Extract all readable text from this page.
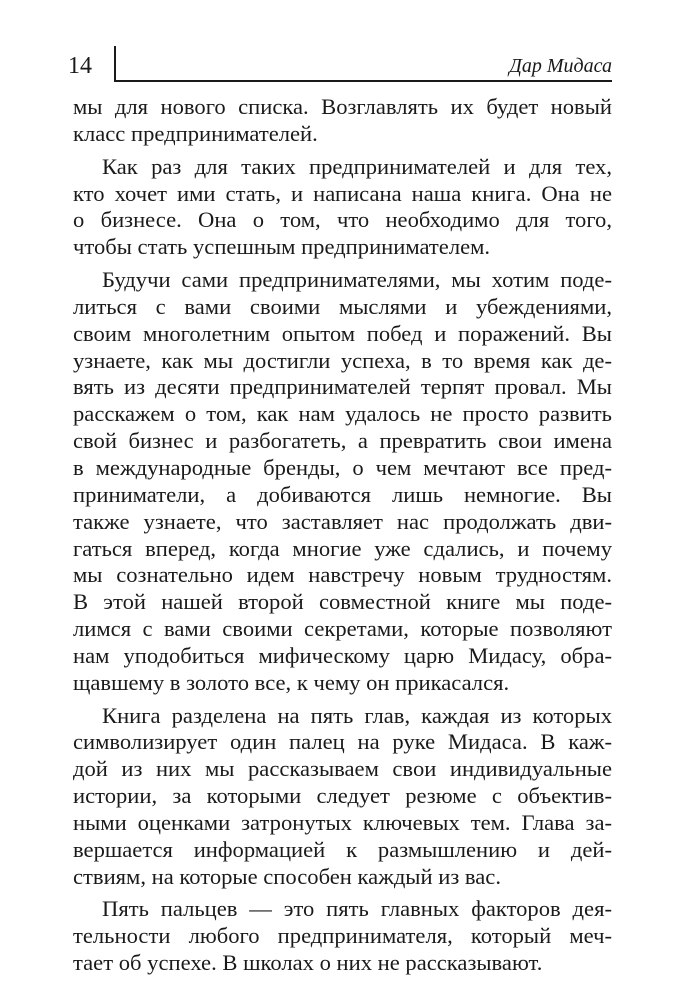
14	Дар Мидаса
мы для нового списка. Возглавлять их будет новый
класс предпринимателей.
Как раз для таких предпринимателей и для тех,
кто хочет ими стать, и написана наша книга. Она не
о бизнесе. Она о том, что необходимо для того,
чтобы стать успешным предпринимателем.
Будучи сами предпринимателями, мы хотим поде-
литься с вами своими мыслями и убеждениями,
своим многолетним опытом побед и поражений. Вы
узнаете, как мы достигли успеха, в то время как де-
вять из десяти предпринимателей терпят провал. Мы
расскажем о том, как нам удалось не просто развить
свой бизнес и разбогатеть, а превратить свои имена
в международные бренды, о чем мечтают все пред-
приниматели, а добиваются лишь немногие. Вы
также узнаете, что заставляет нас продолжать дви-
гаться вперед, когда многие уже сдались, и почему
мы сознательно идем навстречу новым трудностям.
В этой нашей второй совместной книге мы поде-
лимся с вами своими секретами, которые позволяют
нам уподобиться мифическому царю Мидасу, обра-
щавшему в золото все, к чему он прикасался.
Книга разделена на пять глав, каждая из которых
символизирует один палец на руке Мидаса. В каж-
дой из них мы рассказываем свои индивидуальные
истории, за которыми следует резюме с объектив-
ными оценками затронутых ключевых тем. Глава за-
вершается информацией к размышлению и дей-
ствиям, на которые способен каждый из вас.
Пять пальцев — это пять главных факторов дея-
тельности любого предпринимателя, который меч-
тает об успехе. В школах о них не рассказывают.
